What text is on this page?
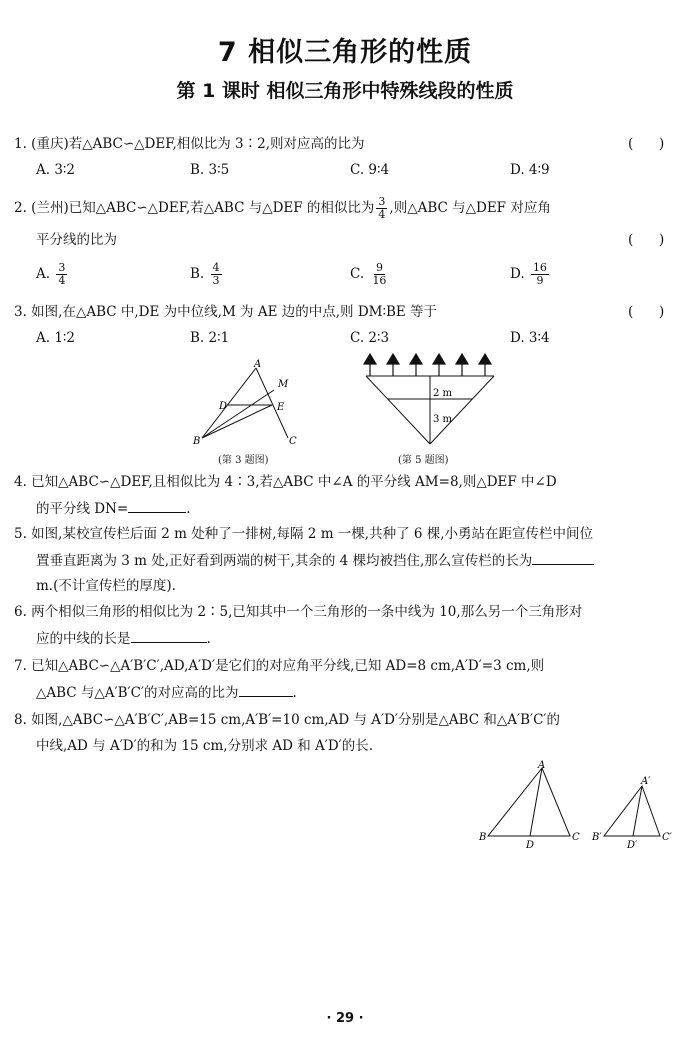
7 相似三角形的性质
第 1 课时 相似三角形中特殊线段的性质
1. (重庆)若△ABC∽△DEF,相似比为 3∶2,则对应高的比为	(      )
A. 3∶2	B. 3∶5	C. 9∶4	D. 4∶9
2. (兰州)已知△ABC∽△DEF,若△ABC 与△DEF 的相似比为 $\frac{3}{4}$ ,则△ABC 与△DEF 对应角
平分线的比为	(      )
A. $\frac{3}{4}$	B. $\frac{4}{3}$	C. $\frac{9}{16}$	D. $\frac{16}{9}$
3. 如图,在△ABC 中,DE 为中位线,M 为 AE 边的中点,则 DM∶BE 等于	(      )
A. 1∶2	B. 2∶1	C. 2∶3	D. 3∶4
A
M
D	E
B	C
(第 3 题图)
2 m
3 m
(第 5 题图)
4. 已知△ABC∽△DEF,且相似比为 4∶3,若△ABC 中∠A 的平分线 AM=8,则△DEF 中∠D
的平分线 DN=	.
5. 如图,某校宣传栏后面 2 m 处种了一排树,每隔 2 m 一棵,共种了 6 棵,小勇站在距宣传栏中间位
置垂直距离为 3 m 处,正好看到两端的树干,其余的 4 棵均被挡住,那么宣传栏的长为
m.(不计宣传栏的厚度).
6. 两个相似三角形的相似比为 2∶5,已知其中一个三角形的一条中线为 10,那么另一个三角形对
应的中线的长是	.
7. 已知△ABC∽△A′B′C′,AD,A′D′是它们的对应角平分线,已知 AD=8 cm,A′D′=3 cm,则
△ABC 与△A′B′C′的对应高的比为	.
8. 如图,△ABC∽△A′B′C′,AB=15 cm,A′B′=10 cm,AD 与 A′D′分别是△ABC 和△A′B′C′的
中线,AD 与 A′D′的和为 15 cm,分别求 AD 和 A′D′的长.
A
B	C
D
A′
B′	C′
D′
· 29 ·
